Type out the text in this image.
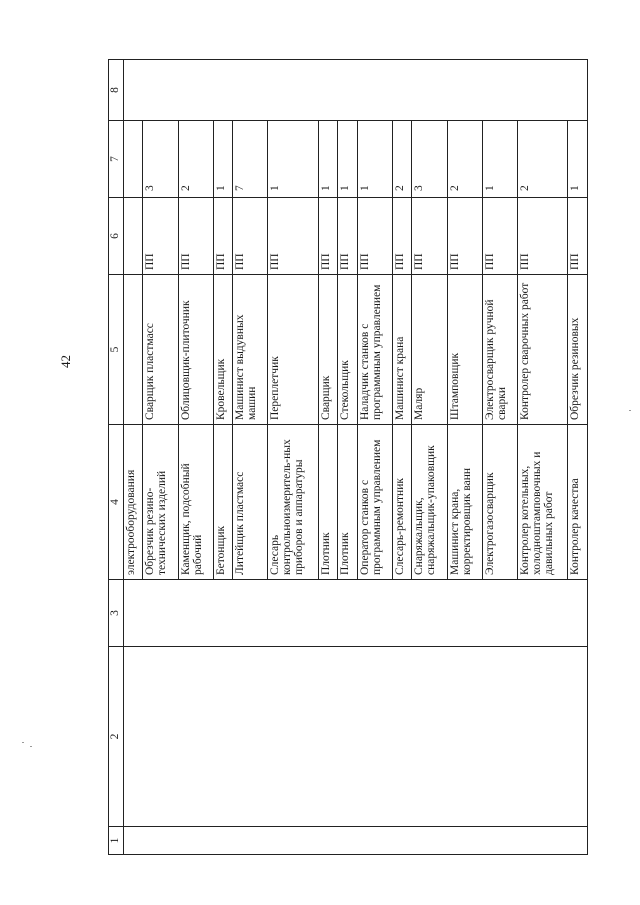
42
1	2	3	4	5	6	7	8
			электрооборудования				
			Обрезчик резино-технических изделий	Сварщик пластмасс	ПП	3	
			Каменщик, подсобный рабочий	Облицовщик-плиточник	ПП	2	
			Бетонщик	Кровельщик	ПП	1	
			Литейщик пластмасс	Машинист выдувных машин	ПП	7	
			Слесарь контрольноизмеритель-ных приборов и аппаратуры	Переплетчик	ПП	1	
			Плотник	Сварщик	ПП	1	
			Плотник	Стекольщик	ПП	1	
			Оператор станков с программным управлением	Наладчик станков с программным управлением	ПП	1	
			Слесарь-ремонтник	Машинист крана	ПП	2	
			Снаряжальщик, снаряжальщик-упаковщик	Маляр	ПП	3	
			Машинист крана, корректировщик ванн	Штамповщик	ПП	2	
			Электрогазосварщик	Электросварщик ручной сварки	ПП	1	
			Контролер котельных, холодноштамповочных и давильных работ	Контролер сварочных работ	ПП	2	
			Контролер качества	Обрезчик резиновых	ПП	1	
